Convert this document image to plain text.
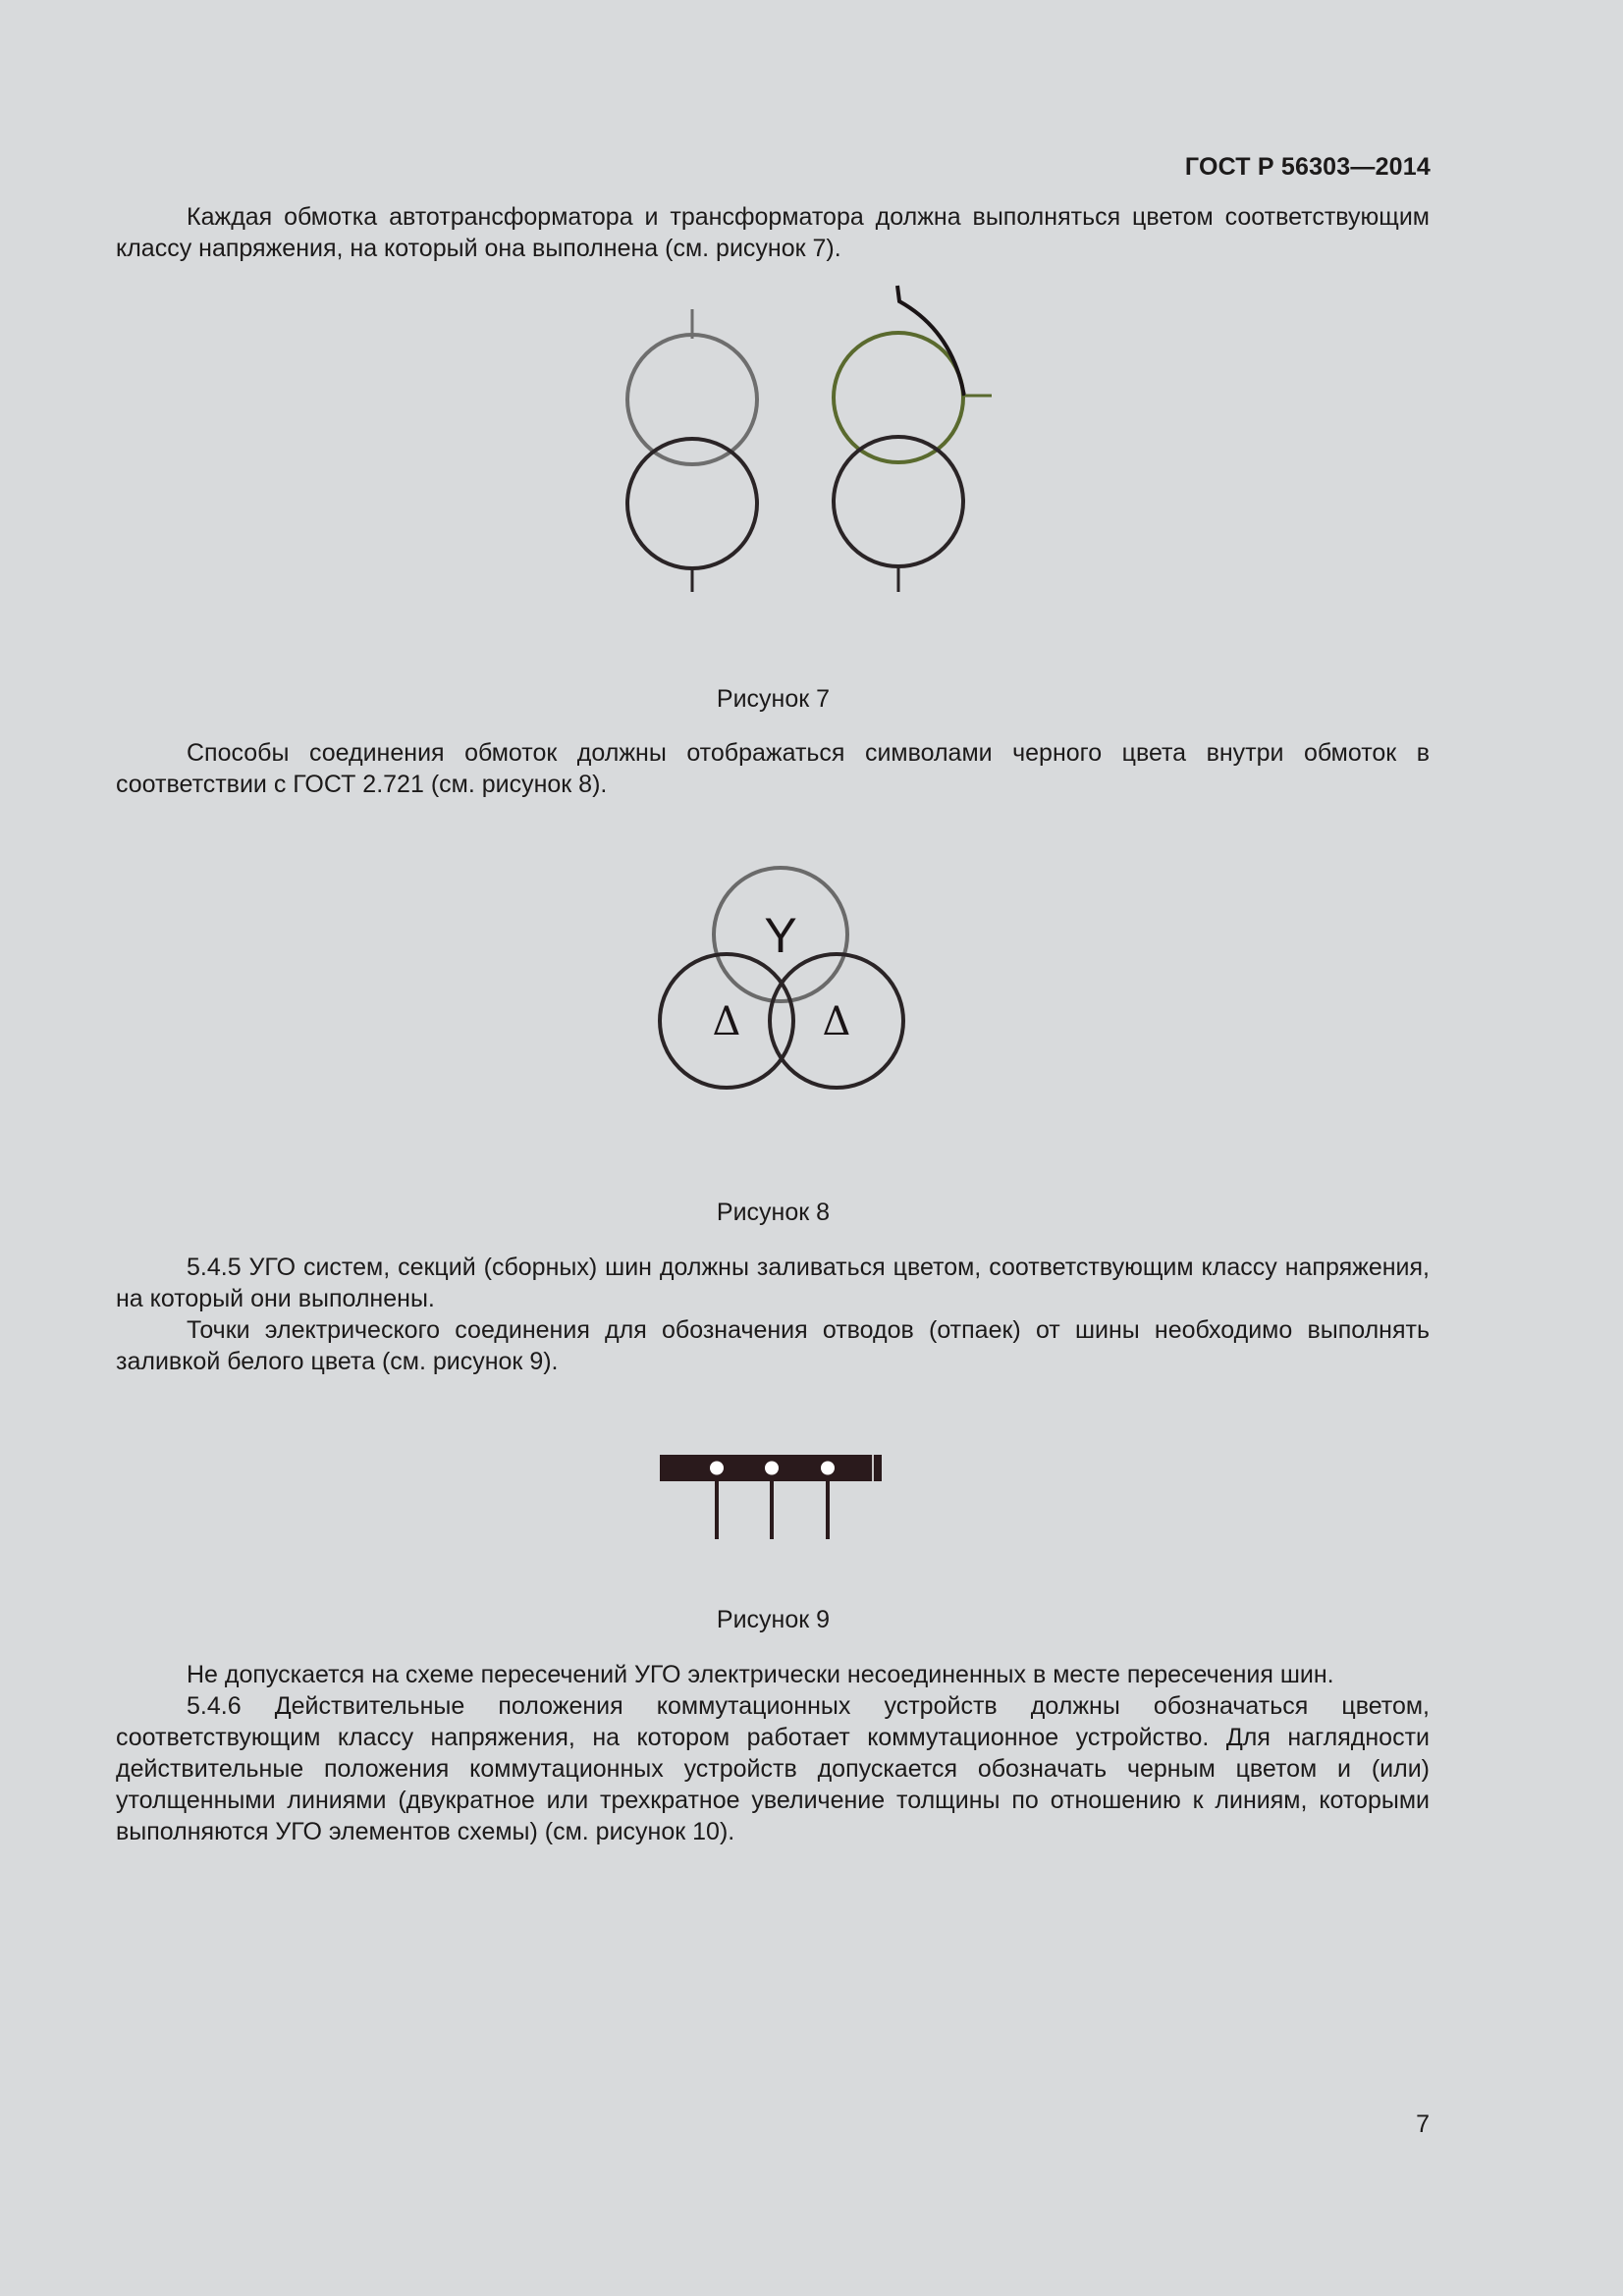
ГОСТ Р 56303—2014

Каждая обмотка автотрансформатора и трансформатора должна выполняться цветом соответствующим классу напряжения, на который она выполнена (см. рисунок 7).

Рисунок 7

Способы соединения обмоток должны отображаться символами черного цвета внутри обмоток в соответствии с ГОСТ 2.721 (см. рисунок 8).

Y
Δ Δ
Рисунок 8

5.4.5 УГО систем, секций (сборных) шин должны заливаться цветом, соответствующим классу напряжения, на который они выполнены.

Точки электрического соединения для обозначения отводов (отпаек) от шины необходимо выполнять заливкой белого цвета (см. рисунок 9).

Рисунок 9

Не допускается на схеме пересечений УГО электрически несоединенных в месте пересечения шин.

5.4.6 Действительные положения коммутационных устройств должны обозначаться цветом, соответствующим классу напряжения, на котором работает коммутационное устройство. Для наглядности действительные положения коммутационных устройств допускается обозначать черным цветом и (или) утолщенными линиями (двукратное или трехкратное увеличение толщины по отношению к линиям, которыми выполняются УГО элементов схемы) (см. рисунок 10).

7
